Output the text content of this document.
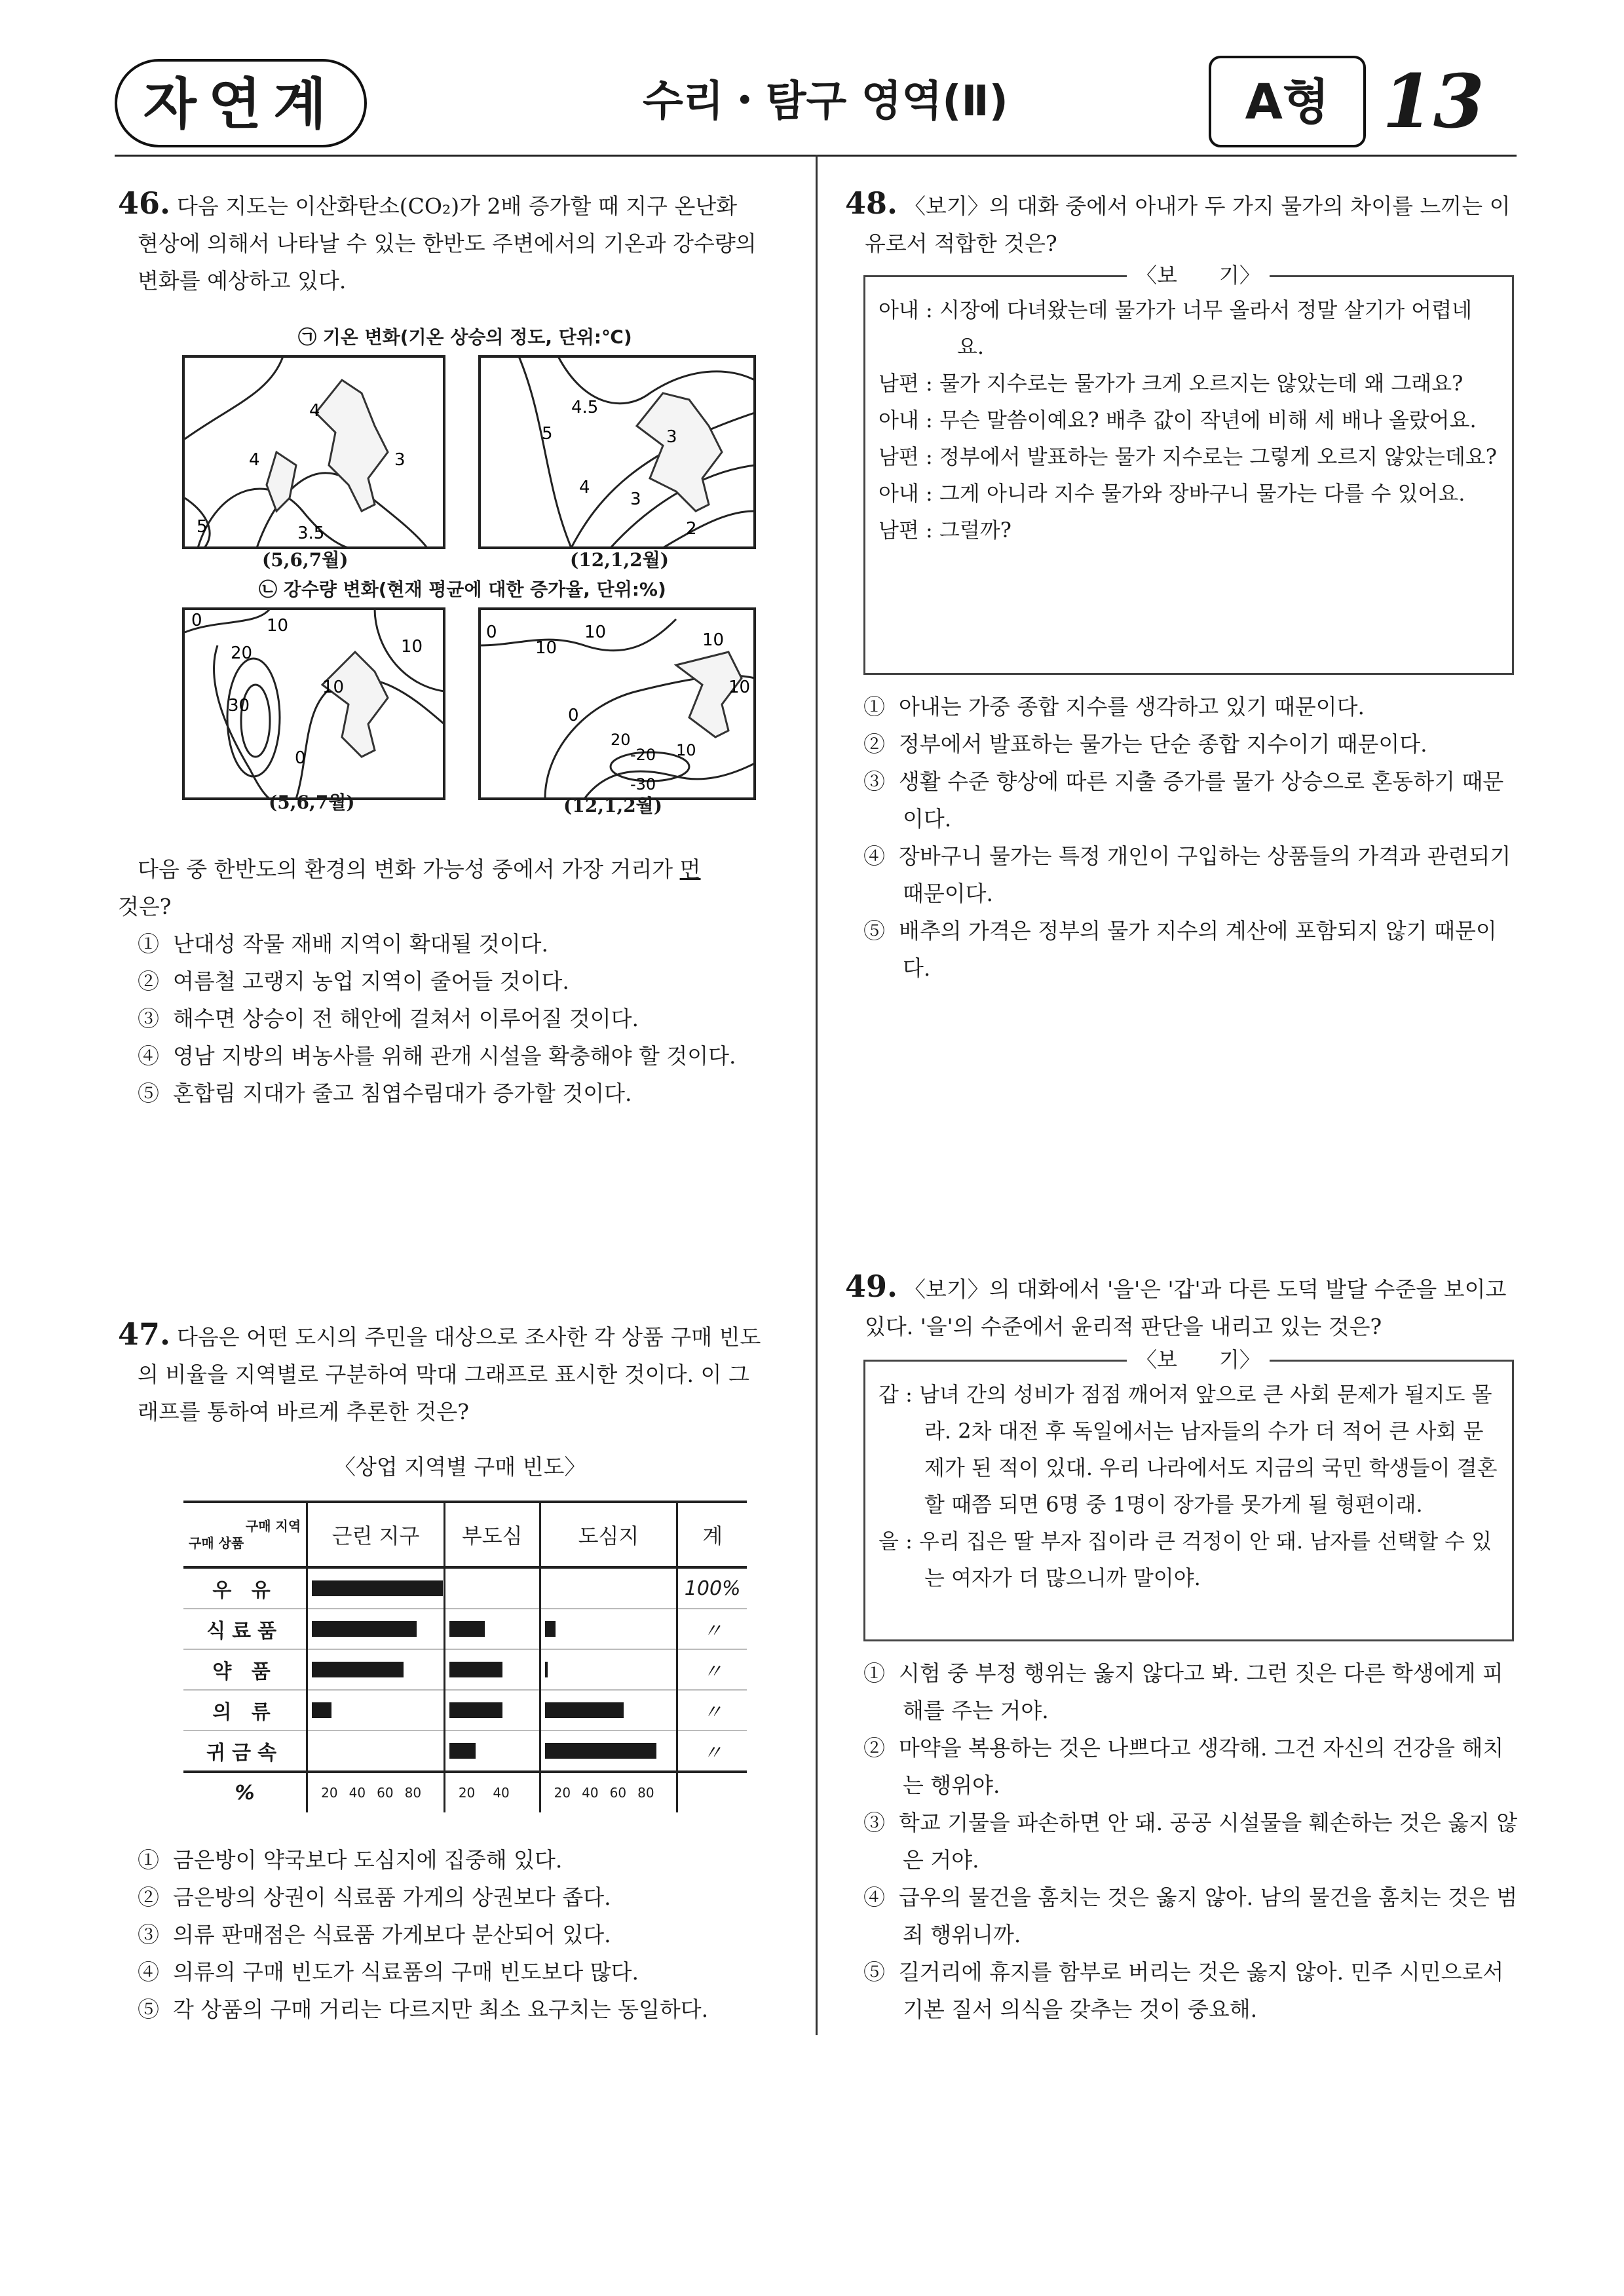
자연계	수리・탐구 영역(Ⅱ)	A형 13
46. 다음 지도는 이산화탄소(CO₂)가 2배 증가할 때 지구 온난화
현상에 의해서 나타날 수 있는 한반도 주변에서의 기온과 강수량의
변화를 예상하고 있다.
㉠ 기온 변화(기온 상승의 정도, 단위:℃)
4
4
5	3.5
3
4.5
5	3
4
3
2
(5,6,7월)	(12,1,2월)
㉡ 강수량 변화(현재 평균에 대한 증가율, 단위:%)
0	10
20
30
10
0
10
0
10
10	10
0
-20
-30
10
20
10
(5,6,7월)	(12,1,2월)
다음 중 한반도의 환경의 변화 가능성 중에서 가장 거리가 먼
것은?

① 난대성 작물 재배 지역이 확대될 것이다.

② 여름철 고랭지 농업 지역이 줄어들 것이다.

③ 해수면 상승이 전 해안에 걸쳐서 이루어질 것이다.

④ 영남 지방의 벼농사를 위해 관개 시설을 확충해야 할 것이다.

⑤ 혼합림 지대가 줄고 침엽수림대가 증가할 것이다.

47. 다음은 어떤 도시의 주민을 대상으로 조사한 각 상품 구매 빈도
의 비율을 지역별로 구분하여 막대 그래프로 표시한 것이다. 이 그
래프를 통하여 바르게 추론한 것은?
〈상업 지역별 구매 빈도〉
구매 지역
구매 상품	근린 지구	부도심	도심지	계
우 유				100%
식료품				〃
약 품				〃
의 류				〃
귀금속				〃
%	20 40 60 80	20 40	20 40 60 80	

① 금은방이 약국보다 도심지에 집중해 있다.

② 금은방의 상권이 식료품 가게의 상권보다 좁다.

③ 의류 판매점은 식료품 가게보다 분산되어 있다.

④ 의류의 구매 빈도가 식료품의 구매 빈도보다 많다.

⑤ 각 상품의 구매 거리는 다르지만 최소 요구치는 동일하다.

48. 〈보기〉의 대화 중에서 아내가 두 가지 물가의 차이를 느끼는 이
유로서 적합한 것은?
아내 : 시장에 다녀왔는데 물가가 너무 올라서 정말 살기가 어렵네요.
남편 : 물가 지수로는 물가가 크게 오르지는 않았는데 왜 그래요?
아내 : 무슨 말씀이예요? 배추 값이 작년에 비해 세 배나 올랐어요.
남편 : 정부에서 발표하는 물가 지수로는 그렇게 오르지 않았는데요?
아내 : 그게 아니라 지수 물가와 장바구니 물가는 다를 수 있어요.
남편 : 그럴까?
〈보　　기〉

① 아내는 가중 종합 지수를 생각하고 있기 때문이다.

② 정부에서 발표하는 물가는 단순 종합 지수이기 때문이다.

③ 생활 수준 향상에 따른 지출 증가를 물가 상승으로 혼동하기 때문이다.

④ 장바구니 물가는 특정 개인이 구입하는 상품들의 가격과 관련되기 때문이다.

⑤ 배추의 가격은 정부의 물가 지수의 계산에 포함되지 않기 때문이다.

49. 〈보기〉의 대화에서 '을'은 '갑'과 다른 도덕 발달 수준을 보이고
있다. '을'의 수준에서 윤리적 판단을 내리고 있는 것은?
갑 : 남녀 간의 성비가 점점 깨어져 앞으로 큰 사회 문제가 될지도 몰라. 2차 대전 후 독일에서는 남자들의 수가 더 적어 큰 사회 문제가 된 적이 있대. 우리 나라에서도 지금의 국민 학생들이 결혼할 때쯤 되면 6명 중 1명이 장가를 못가게 될 형편이래.
을 : 우리 집은 딸 부자 집이라 큰 걱정이 안 돼. 남자를 선택할 수 있는 여자가 더 많으니까 말이야.
〈보　　기〉

① 시험 중 부정 행위는 옳지 않다고 봐. 그런 짓은 다른 학생에게 피해를 주는 거야.

② 마약을 복용하는 것은 나쁘다고 생각해. 그건 자신의 건강을 해치는 행위야.

③ 학교 기물을 파손하면 안 돼. 공공 시설물을 훼손하는 것은 옳지 않은 거야.

④ 급우의 물건을 훔치는 것은 옳지 않아. 남의 물건을 훔치는 것은 범죄 행위니까.

⑤ 길거리에 휴지를 함부로 버리는 것은 옳지 않아. 민주 시민으로서 기본 질서 의식을 갖추는 것이 중요해.
